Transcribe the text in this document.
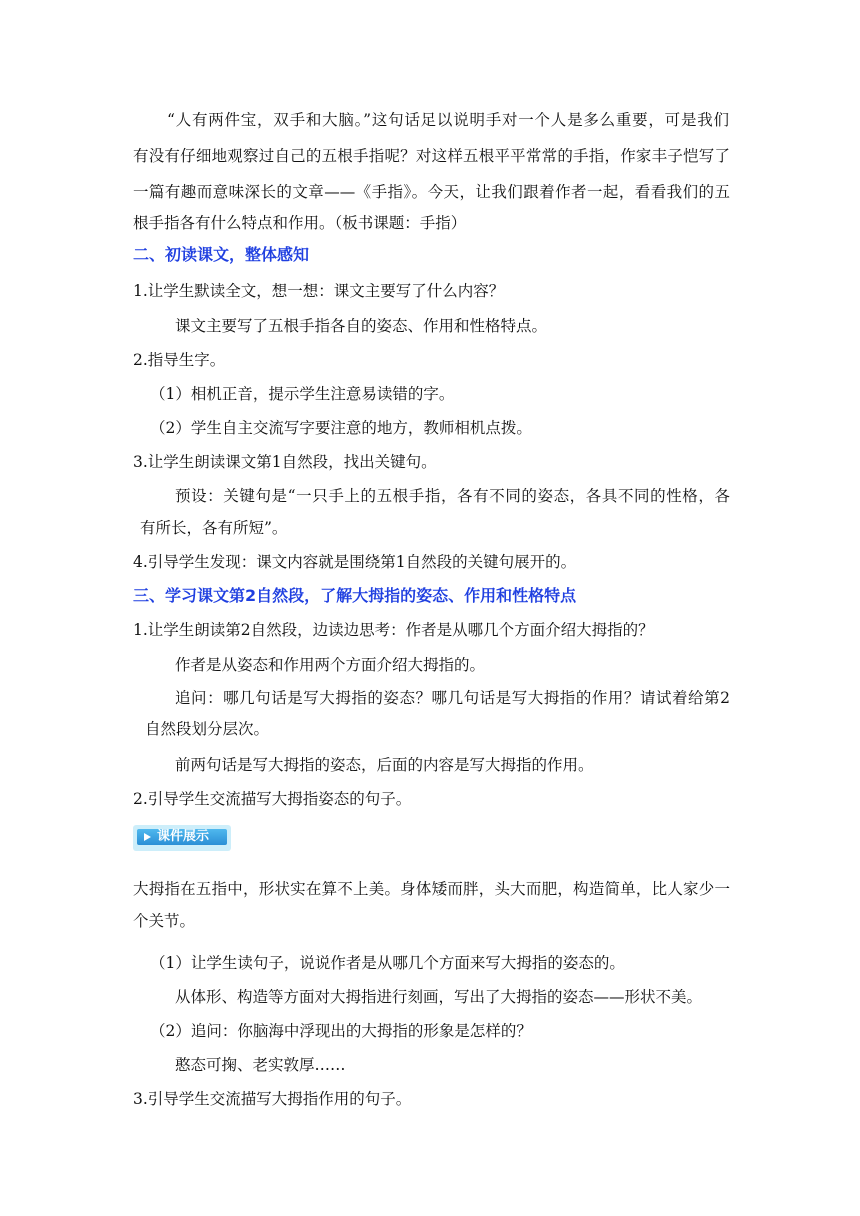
“人有两件宝，双手和大脑。”这句话足以说明手对一个人是多么重要，可是我们
有没有仔细地观察过自己的五根手指呢？对这样五根平平常常的手指，作家丰子恺写了
一篇有趣而意味深长的文章——《手指》。今天，让我们跟着作者一起，看看我们的五
根手指各有什么特点和作用。（板书课题：手指）
二、初读课文，整体感知
1.让学生默读全文，想一想：课文主要写了什么内容？
课文主要写了五根手指各自的姿态、作用和性格特点。
2.指导生字。
（1）相机正音，提示学生注意易读错的字。
（2）学生自主交流写字要注意的地方，教师相机点拨。
3.让学生朗读课文第1自然段，找出关键句。
预设：关键句是“一只手上的五根手指，各有不同的姿态，各具不同的性格，各
有所长，各有所短”。
4.引导学生发现：课文内容就是围绕第1自然段的关键句展开的。
三、学习课文第2自然段，了解大拇指的姿态、作用和性格特点
1.让学生朗读第2自然段，边读边思考：作者是从哪几个方面介绍大拇指的？
作者是从姿态和作用两个方面介绍大拇指的。
追问：哪几句话是写大拇指的姿态？哪几句话是写大拇指的作用？请试着给第2
自然段划分层次。
前两句话是写大拇指的姿态，后面的内容是写大拇指的作用。
2.引导学生交流描写大拇指姿态的句子。
课件展示
大拇指在五指中，形状实在算不上美。身体矮而胖，头大而肥，构造简单，比人家少一
个关节。
（1）让学生读句子，说说作者是从哪几个方面来写大拇指的姿态的。
从体形、构造等方面对大拇指进行刻画，写出了大拇指的姿态——形状不美。
（2）追问：你脑海中浮现出的大拇指的形象是怎样的？
憨态可掬、老实敦厚……
3.引导学生交流描写大拇指作用的句子。
